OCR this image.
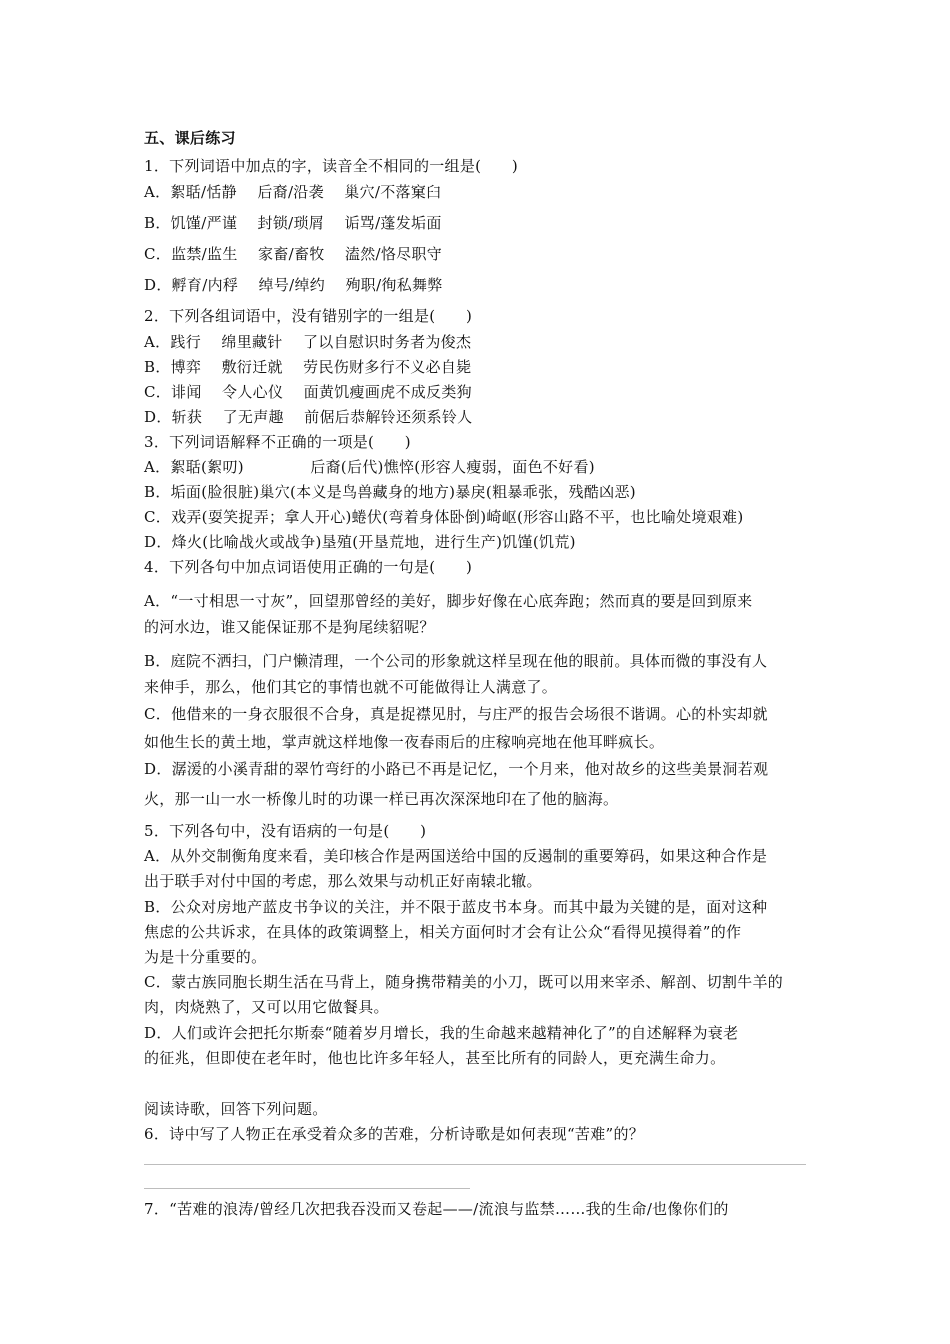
五、课后练习
1．下列词语中加点的字，读音全不相同的一组是(　　)
A．絮聒/恬静　 后裔/沿袭　 巢穴/不落窠臼
B．饥馑/严谨　 封锁/琐屑　 诟骂/蓬发垢面
C．监禁/监生　 家畜/畜牧　 溘然/恪尽职守
D．孵育/内稃　 绰号/绰约　 殉职/徇私舞弊
2．下列各组词语中，没有错别字的一组是(　　)
A．践行　 绵里藏针　 了以自慰识时务者为俊杰
B．博弈　 敷衍迁就　 劳民伤财多行不义必自毙
C．诽闻　 令人心仪　 面黄饥瘦画虎不成反类狗
D．斩获　 了无声趣　 前倨后恭解铃还须系铃人
3．下列词语解释不正确的一项是(　　)
A．絮聒(絮叨)　　　　 后裔(后代)憔悴(形容人瘦弱，面色不好看)
B．垢面(脸很脏)巢穴(本义是鸟兽藏身的地方)暴戾(粗暴乖张，残酷凶恶)
C．戏弄(耍笑捉弄；拿人开心)蜷伏(弯着身体卧倒)崎岖(形容山路不平，也比喻处境艰难)
D．烽火(比喻战火或战争)垦殖(开垦荒地，进行生产)饥馑(饥荒)
4．下列各句中加点词语使用正确的一句是(　　)
A．“一寸相思一寸灰”，回望那曾经的美好，脚步好像在心底奔跑；然而真的要是回到原来
的河水边，谁又能保证那不是狗尾续貂呢？
B．庭院不洒扫，门户懒清理，一个公司的形象就这样呈现在他的眼前。具体而微的事没有人
来伸手，那么，他们其它的事情也就不可能做得让人满意了。
C．他借来的一身衣服很不合身，真是捉襟见肘，与庄严的报告会场很不谐调。心的朴实却就
如他生长的黄土地，掌声就这样地像一夜春雨后的庄稼响亮地在他耳畔疯长。
D．潺湲的小溪青甜的翠竹弯纡的小路已不再是记忆，一个月来，他对故乡的这些美景洞若观
火，那一山一水一桥像儿时的功课一样已再次深深地印在了他的脑海。
5．下列各句中，没有语病的一句是(　　)
A．从外交制衡角度来看，美印核合作是两国送给中国的反遏制的重要筹码，如果这种合作是
出于联手对付中国的考虑，那么效果与动机正好南辕北辙。
B．公众对房地产蓝皮书争议的关注，并不限于蓝皮书本身。而其中最为关键的是，面对这种
焦虑的公共诉求，在具体的政策调整上，相关方面何时才会有让公众“看得见摸得着”的作
为是十分重要的。
C．蒙古族同胞长期生活在马背上，随身携带精美的小刀，既可以用来宰杀、解剖、切割牛羊的
肉，肉烧熟了，又可以用它做餐具。
D．人们或许会把托尔斯泰“随着岁月增长，我的生命越来越精神化了”的自述解释为衰老
的征兆，但即使在老年时，他也比许多年轻人，甚至比所有的同龄人，更充满生命力。
阅读诗歌，回答下列问题。
6．诗中写了人物正在承受着众多的苦难，分析诗歌是如何表现“苦难”的？
7．“苦难的浪涛/曾经几次把我吞没而又卷起——/流浪与监禁……我的生命/也像你们的
